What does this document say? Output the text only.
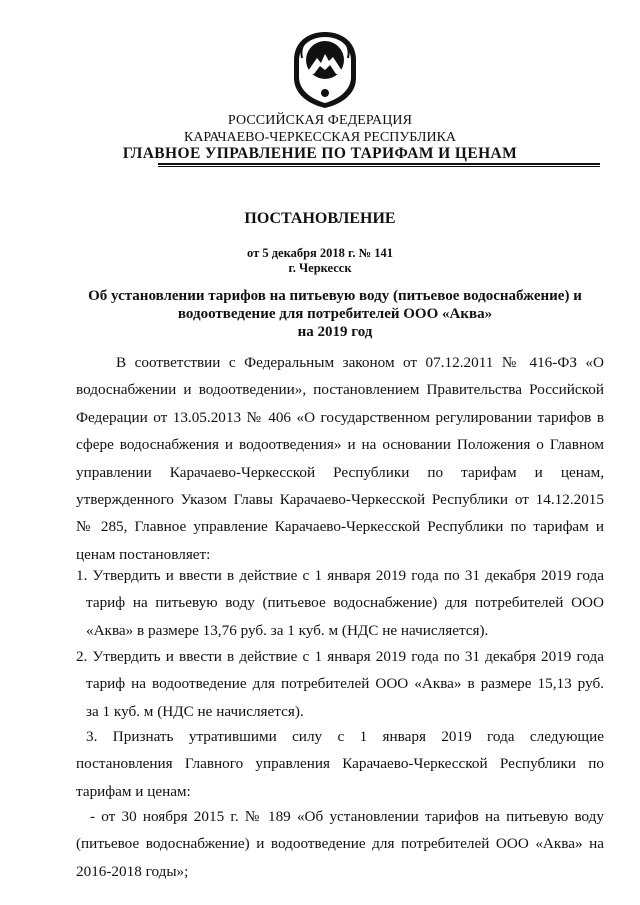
РОССИЙСКАЯ ФЕДЕРАЦИЯ
КАРАЧАЕВО-ЧЕРКЕССКАЯ РЕСПУБЛИКА
ГЛАВНОЕ УПРАВЛЕНИЕ ПО ТАРИФАМ И ЦЕНАМ
ПОСТАНОВЛЕНИЕ
от 5 декабря 2018 г. № 141
г. Черкесск
Об установлении тарифов на питьевую воду (питьевое водоснабжение) и
водоотведение для потребителей ООО «Аква»
на 2019 год
В соответствии с Федеральным законом от 07.12.2011 № 416-ФЗ «О
водоснабжении и водоотведении», постановлением Правительства Российской
Федерации от 13.05.2013 № 406 «О государственном регулировании тарифов в
сфере водоснабжения и водоотведения» и на основании Положения о Главном
управлении Карачаево-Черкесской Республики по тарифам и ценам,
утвержденного Указом Главы Карачаево-Черкесской Республики от 14.12.2015
№ 285, Главное управление Карачаево-Черкесской Республики по тарифам и
ценам постановляет:
1. Утвердить и ввести в действие с 1 января 2019 года по 31 декабря 2019 года
тариф на питьевую воду (питьевое водоснабжение) для потребителей ООО
«Аква» в размере 13,76 руб. за 1 куб. м (НДС не начисляется).
2. Утвердить и ввести в действие с 1 января 2019 года по 31 декабря 2019 года
тариф на водоотведение для потребителей ООО «Аква» в размере 15,13 руб.
за 1 куб. м (НДС не начисляется).
3. Признать утратившими силу с 1 января 2019 года следующие
постановления Главного управления Карачаево-Черкесской Республики по
тарифам и ценам:
- от 30 ноября 2015 г. № 189 «Об установлении тарифов на питьевую воду
(питьевое водоснабжение) и водоотведение для потребителей ООО «Аква» на
2016-2018 годы»;
